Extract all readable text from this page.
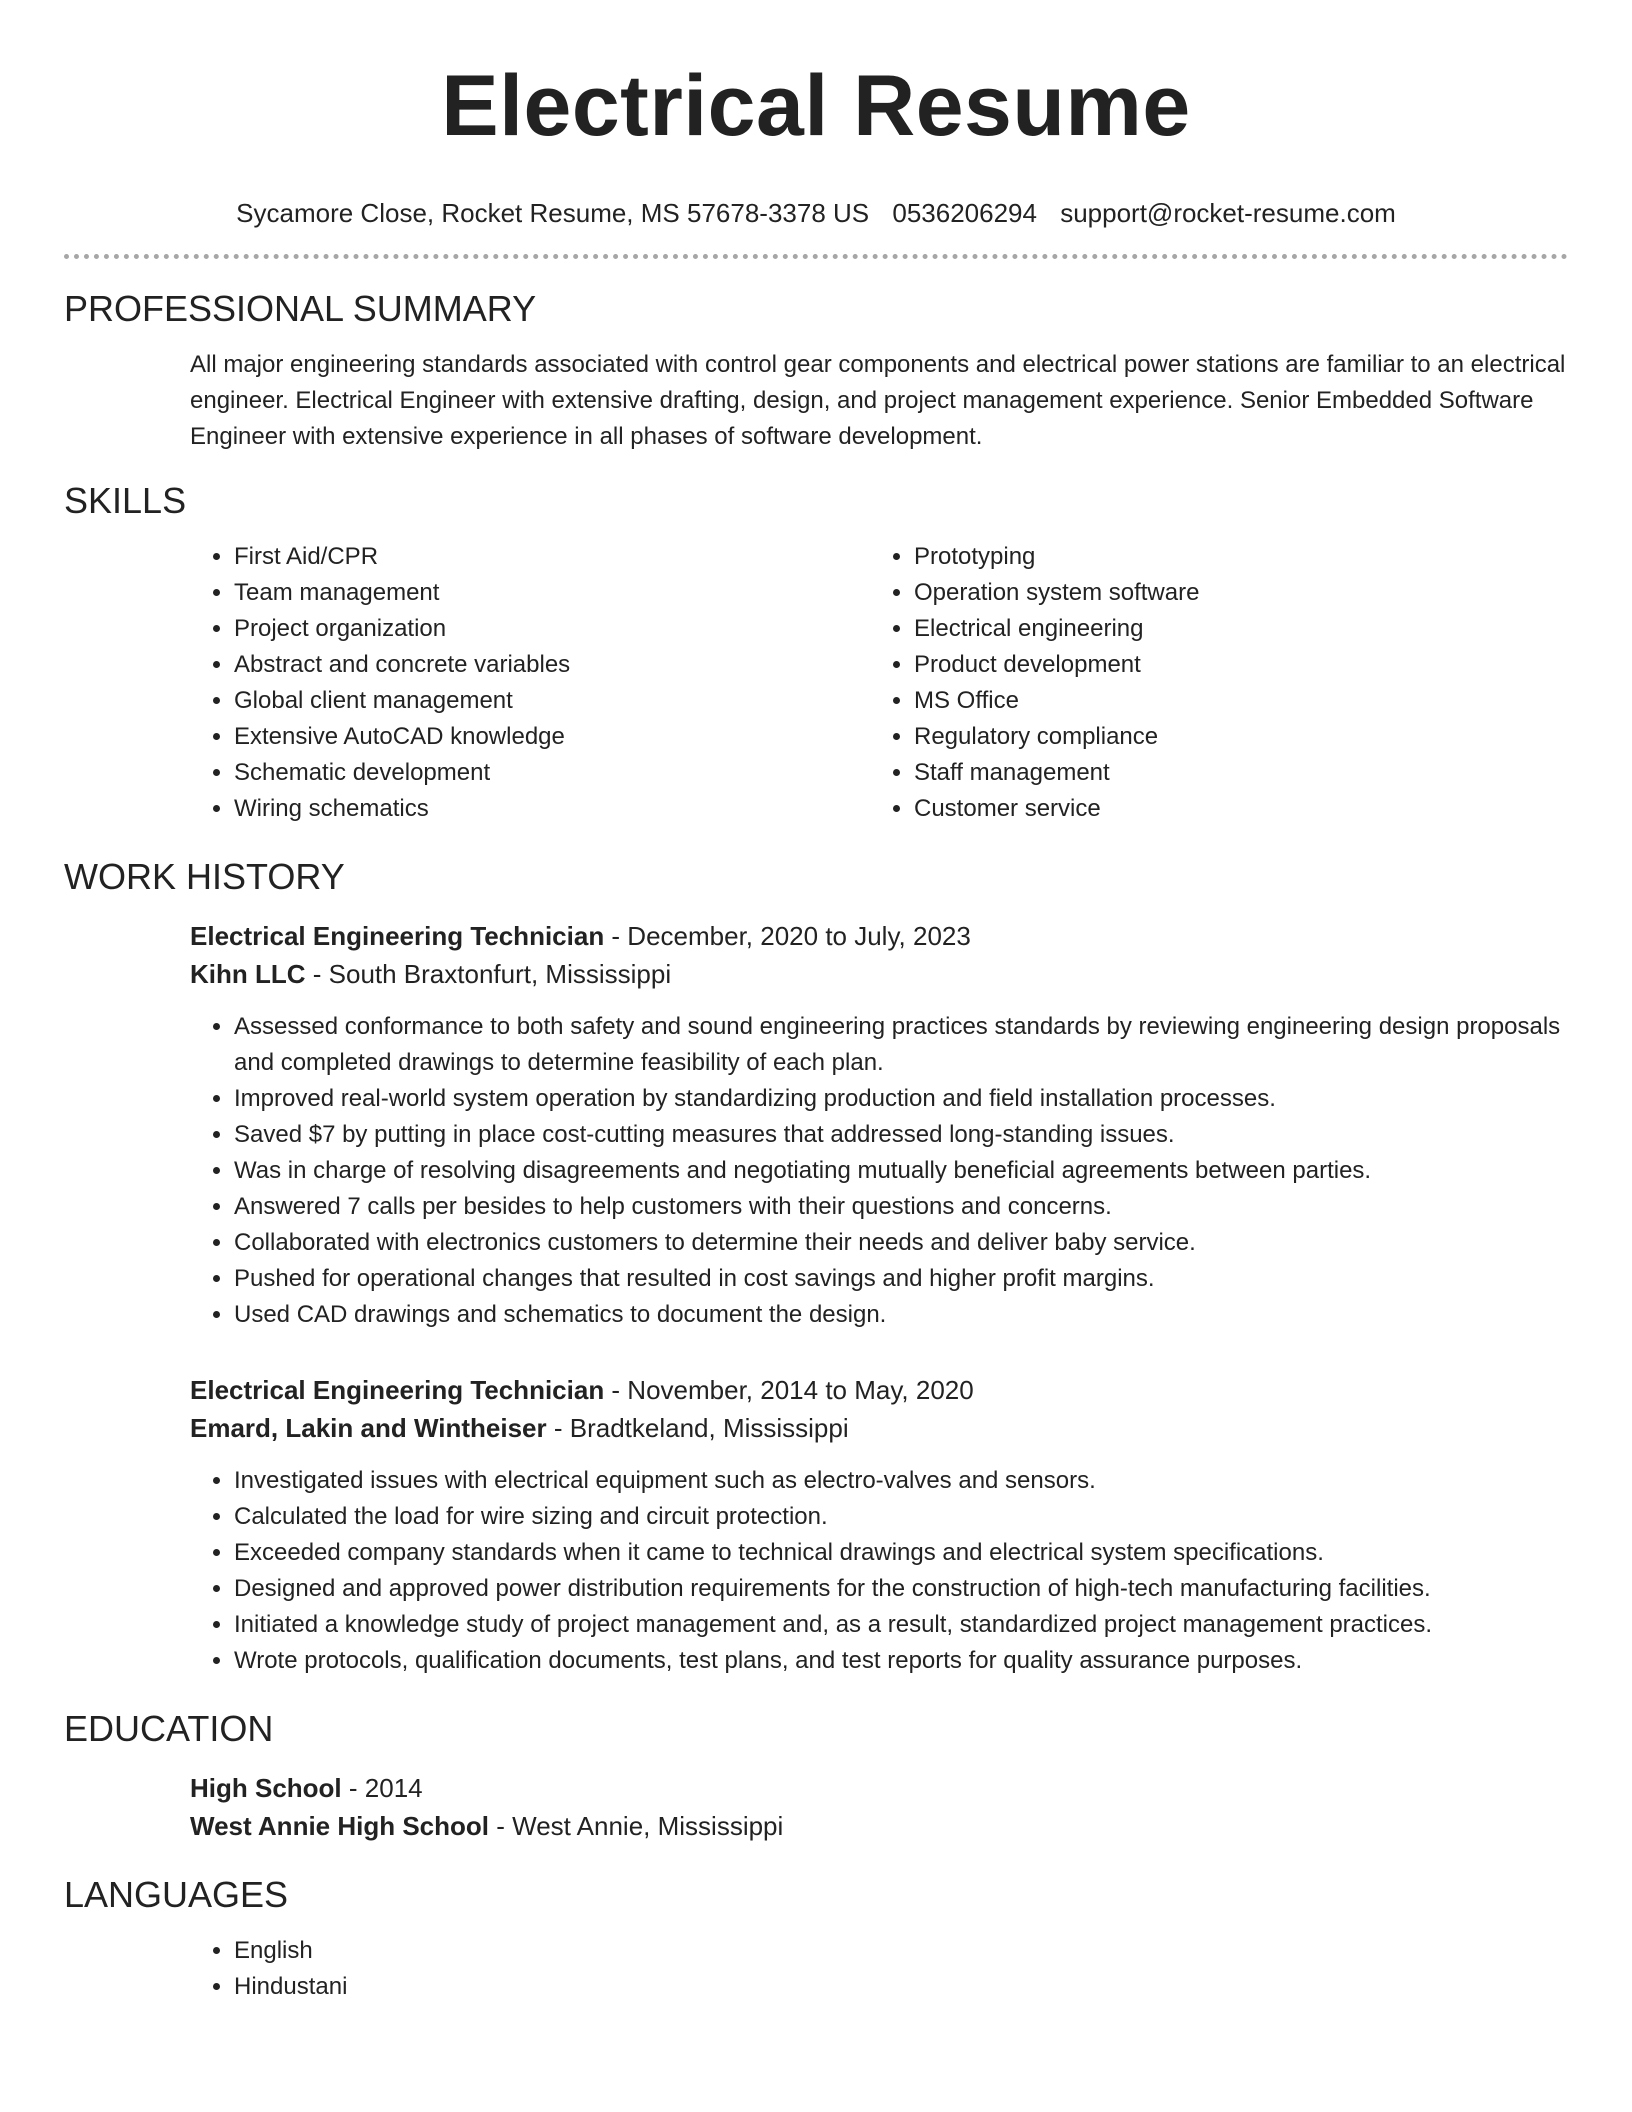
Electrical Resume
Sycamore Close, Rocket Resume, MS 57678-3378 US 0536206294 support@rocket-resume.com
PROFESSIONAL SUMMARY

All major engineering standards associated with control gear components and electrical power stations are familiar to an electrical engineer. Electrical Engineer with extensive drafting, design, and project management experience. Senior Embedded Software Engineer with extensive experience in all phases of software development.

SKILLS
• First Aid/CPR
• Team management
• Project organization
• Abstract and concrete variables
• Global client management
• Extensive AutoCAD knowledge
• Schematic development
• Wiring schematics
• Prototyping
• Operation system software
• Electrical engineering
• Product development
• MS Office
• Regulatory compliance
• Staff management
• Customer service
WORK HISTORY
Electrical Engineering Technician - December, 2020 to July, 2023
Kihn LLC - South Braxtonfurt, Mississippi
• Assessed conformance to both safety and sound engineering practices standards by reviewing engineering design proposals and completed drawings to determine feasibility of each plan.
• Improved real-world system operation by standardizing production and field installation processes.
• Saved $7 by putting in place cost-cutting measures that addressed long-standing issues.
• Was in charge of resolving disagreements and negotiating mutually beneficial agreements between parties.
• Answered 7 calls per besides to help customers with their questions and concerns.
• Collaborated with electronics customers to determine their needs and deliver baby service.
• Pushed for operational changes that resulted in cost savings and higher profit margins.
• Used CAD drawings and schematics to document the design.
Electrical Engineering Technician - November, 2014 to May, 2020
Emard, Lakin and Wintheiser - Bradtkeland, Mississippi
• Investigated issues with electrical equipment such as electro-valves and sensors.
• Calculated the load for wire sizing and circuit protection.
• Exceeded company standards when it came to technical drawings and electrical system specifications.
• Designed and approved power distribution requirements for the construction of high-tech manufacturing facilities.
• Initiated a knowledge study of project management and, as a result, standardized project management practices.
• Wrote protocols, qualification documents, test plans, and test reports for quality assurance purposes.
EDUCATION
High School - 2014
West Annie High School - West Annie, Mississippi
LANGUAGES
• English
• Hindustani
